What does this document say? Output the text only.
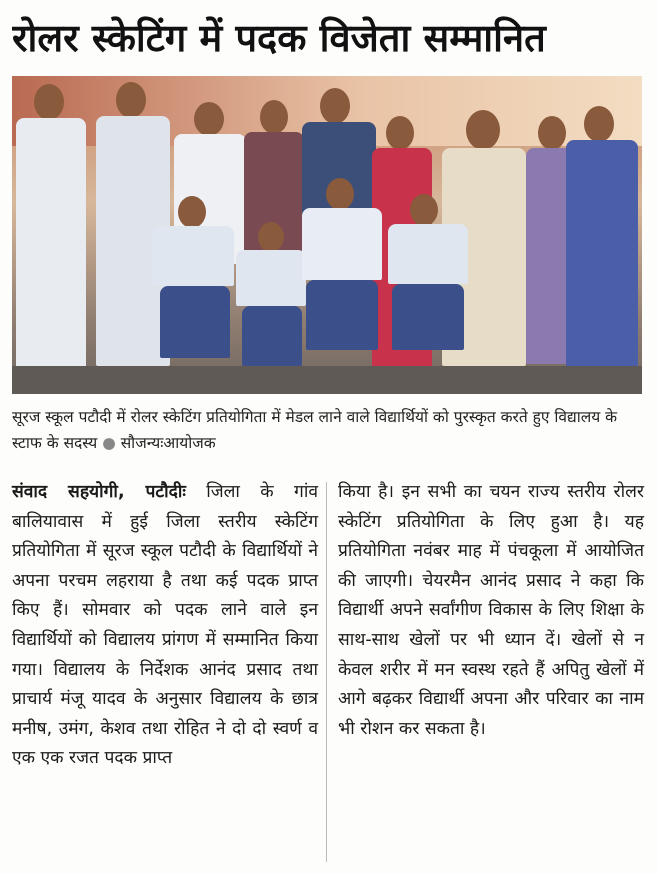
रोलर स्केटिंग में पदक विजेता सम्मानित
सूरज स्कूल पटौदी में रोलर स्केटिंग प्रतियोगिता में मेडल लाने वाले विद्यार्थियों को पुरस्कृत करते हुए विद्यालय के स्टाफ के सदस्य ● सौजन्यःआयोजक
संवाद सहयोगी, पटौदीः जिला के गांव बालियावास में हुई जिला स्तरीय स्केटिंग प्रतियोगिता में सूरज स्कूल पटौदी के विद्यार्थियों ने अपना परचम लहराया है तथा कई पदक प्राप्त किए हैं। सोमवार को पदक लाने वाले इन विद्यार्थियों को विद्यालय प्रांगण में सम्मानित किया गया। विद्यालय के निर्देशक आनंद प्रसाद तथा प्राचार्य मंजू यादव के अनुसार विद्यालय के छात्र मनीष, उमंग, केशव तथा रोहित ने दो दो स्वर्ण व एक एक रजत पदक प्राप्त
किया है। इन सभी का चयन राज्य स्तरीय रोलर स्केटिंग प्रतियोगिता के लिए हुआ है। यह प्रतियोगिता नवंबर माह में पंचकूला में आयोजित की जाएगी। चेयरमैन आनंद प्रसाद ने कहा कि विद्यार्थी अपने सर्वांगीण विकास के लिए शिक्षा के साथ-साथ खेलों पर भी ध्यान दें। खेलों से न केवल शरीर में मन स्वस्थ रहते हैं अपितु खेलों में आगे बढ़कर विद्यार्थी अपना और परिवार का नाम भी रोशन कर सकता है।
